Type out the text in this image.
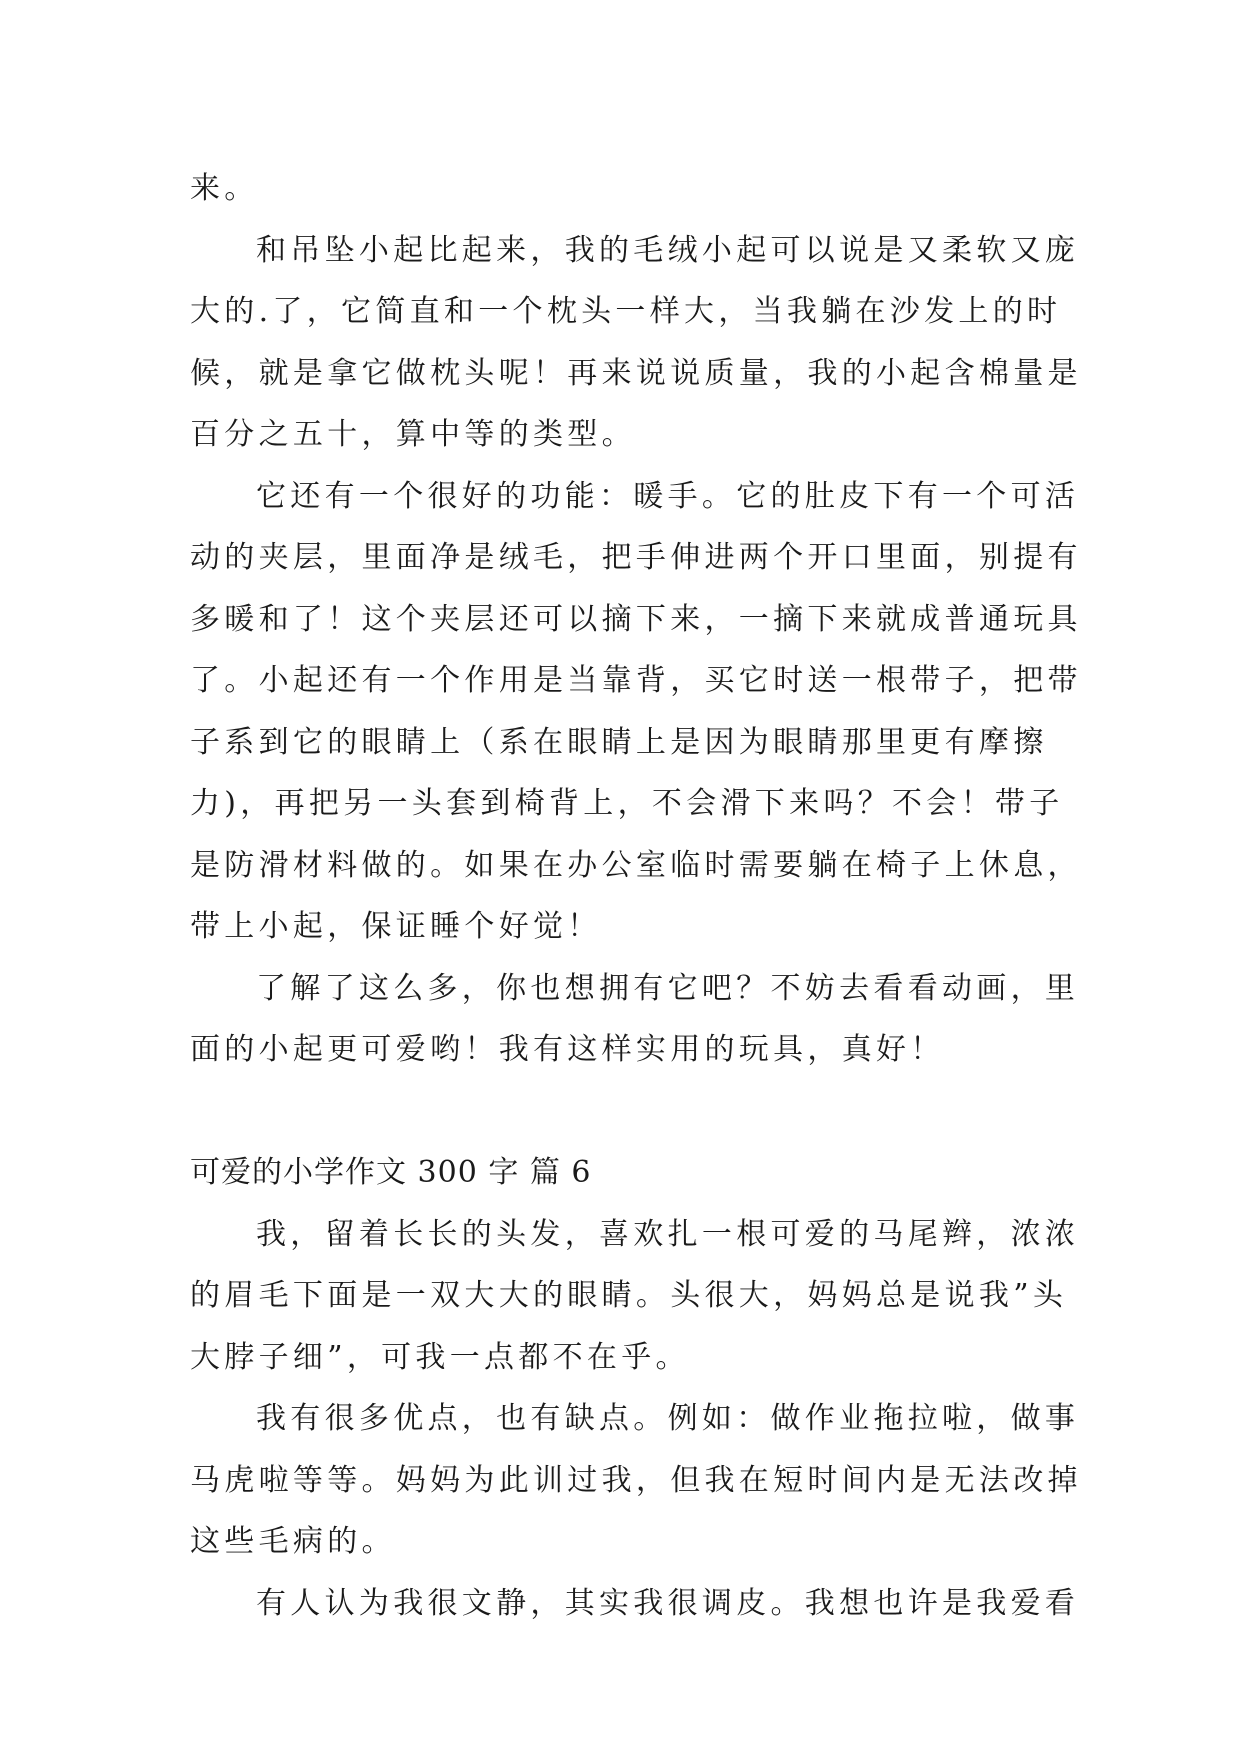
来。
和吊坠小起比起来，我的毛绒小起可以说是又柔软又庞
大的.了，它简直和一个枕头一样大，当我躺在沙发上的时
候，就是拿它做枕头呢！再来说说质量，我的小起含棉量是
百分之五十，算中等的类型。
它还有一个很好的功能：暖手。它的肚皮下有一个可活
动的夹层，里面净是绒毛，把手伸进两个开口里面，别提有
多暖和了！这个夹层还可以摘下来，一摘下来就成普通玩具
了。小起还有一个作用是当靠背，买它时送一根带子，把带
子系到它的眼睛上（系在眼睛上是因为眼睛那里更有摩擦
力)，再把另一头套到椅背上，不会滑下来吗？不会！带子
是防滑材料做的。如果在办公室临时需要躺在椅子上休息，
带上小起，保证睡个好觉！
了解了这么多，你也想拥有它吧？不妨去看看动画，里
面的小起更可爱哟！我有这样实用的玩具，真好！
可爱的小学作文 300 字 篇 6
我，留着长长的头发，喜欢扎一根可爱的马尾辫，浓浓
的眉毛下面是一双大大的眼睛。头很大，妈妈总是说我”头
大脖子细”，可我一点都不在乎。
我有很多优点，也有缺点。例如：做作业拖拉啦，做事
马虎啦等等。妈妈为此训过我，但我在短时间内是无法改掉
这些毛病的。
有人认为我很文静，其实我很调皮。我想也许是我爱看
